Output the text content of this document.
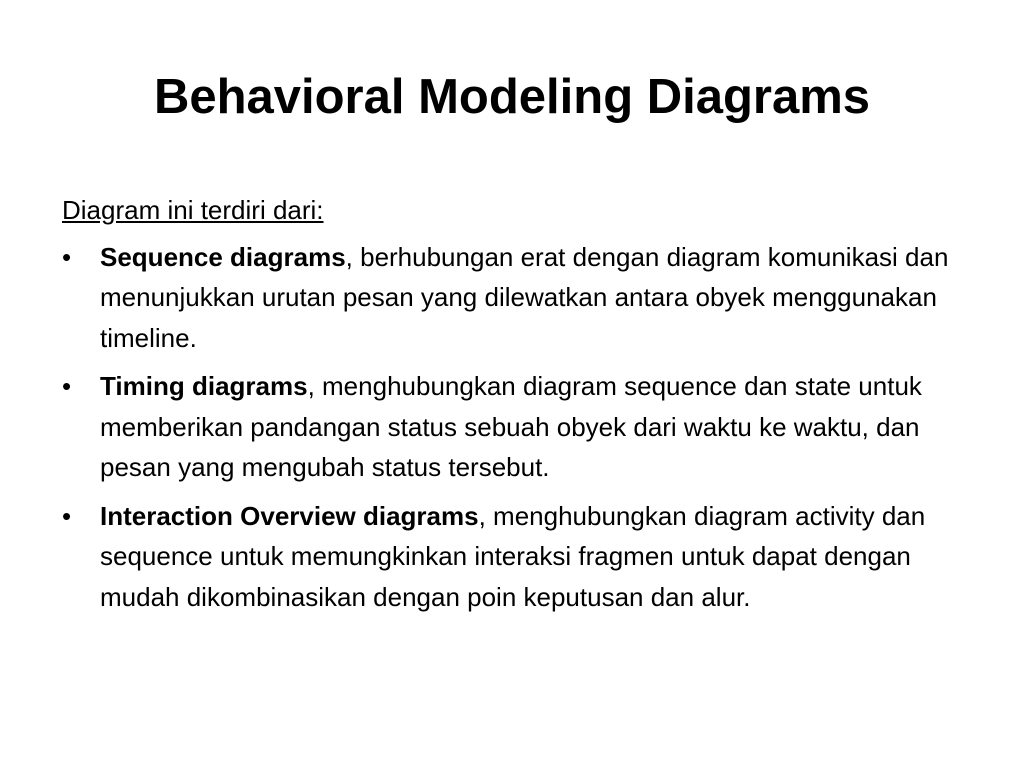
Behavioral Modeling Diagrams

Diagram ini terdiri dari:

• Sequence diagrams, berhubungan erat dengan diagram komunikasi dan menunjukkan urutan pesan yang dilewatkan antara obyek menggunakan timeline.
• Timing diagrams, menghubungkan diagram sequence dan state untuk memberikan pandangan status sebuah obyek dari waktu ke waktu, dan pesan yang mengubah status tersebut.
• Interaction Overview diagrams, menghubungkan diagram activity dan sequence untuk memungkinkan interaksi fragmen untuk dapat dengan mudah dikombinasikan dengan poin keputusan dan alur.
